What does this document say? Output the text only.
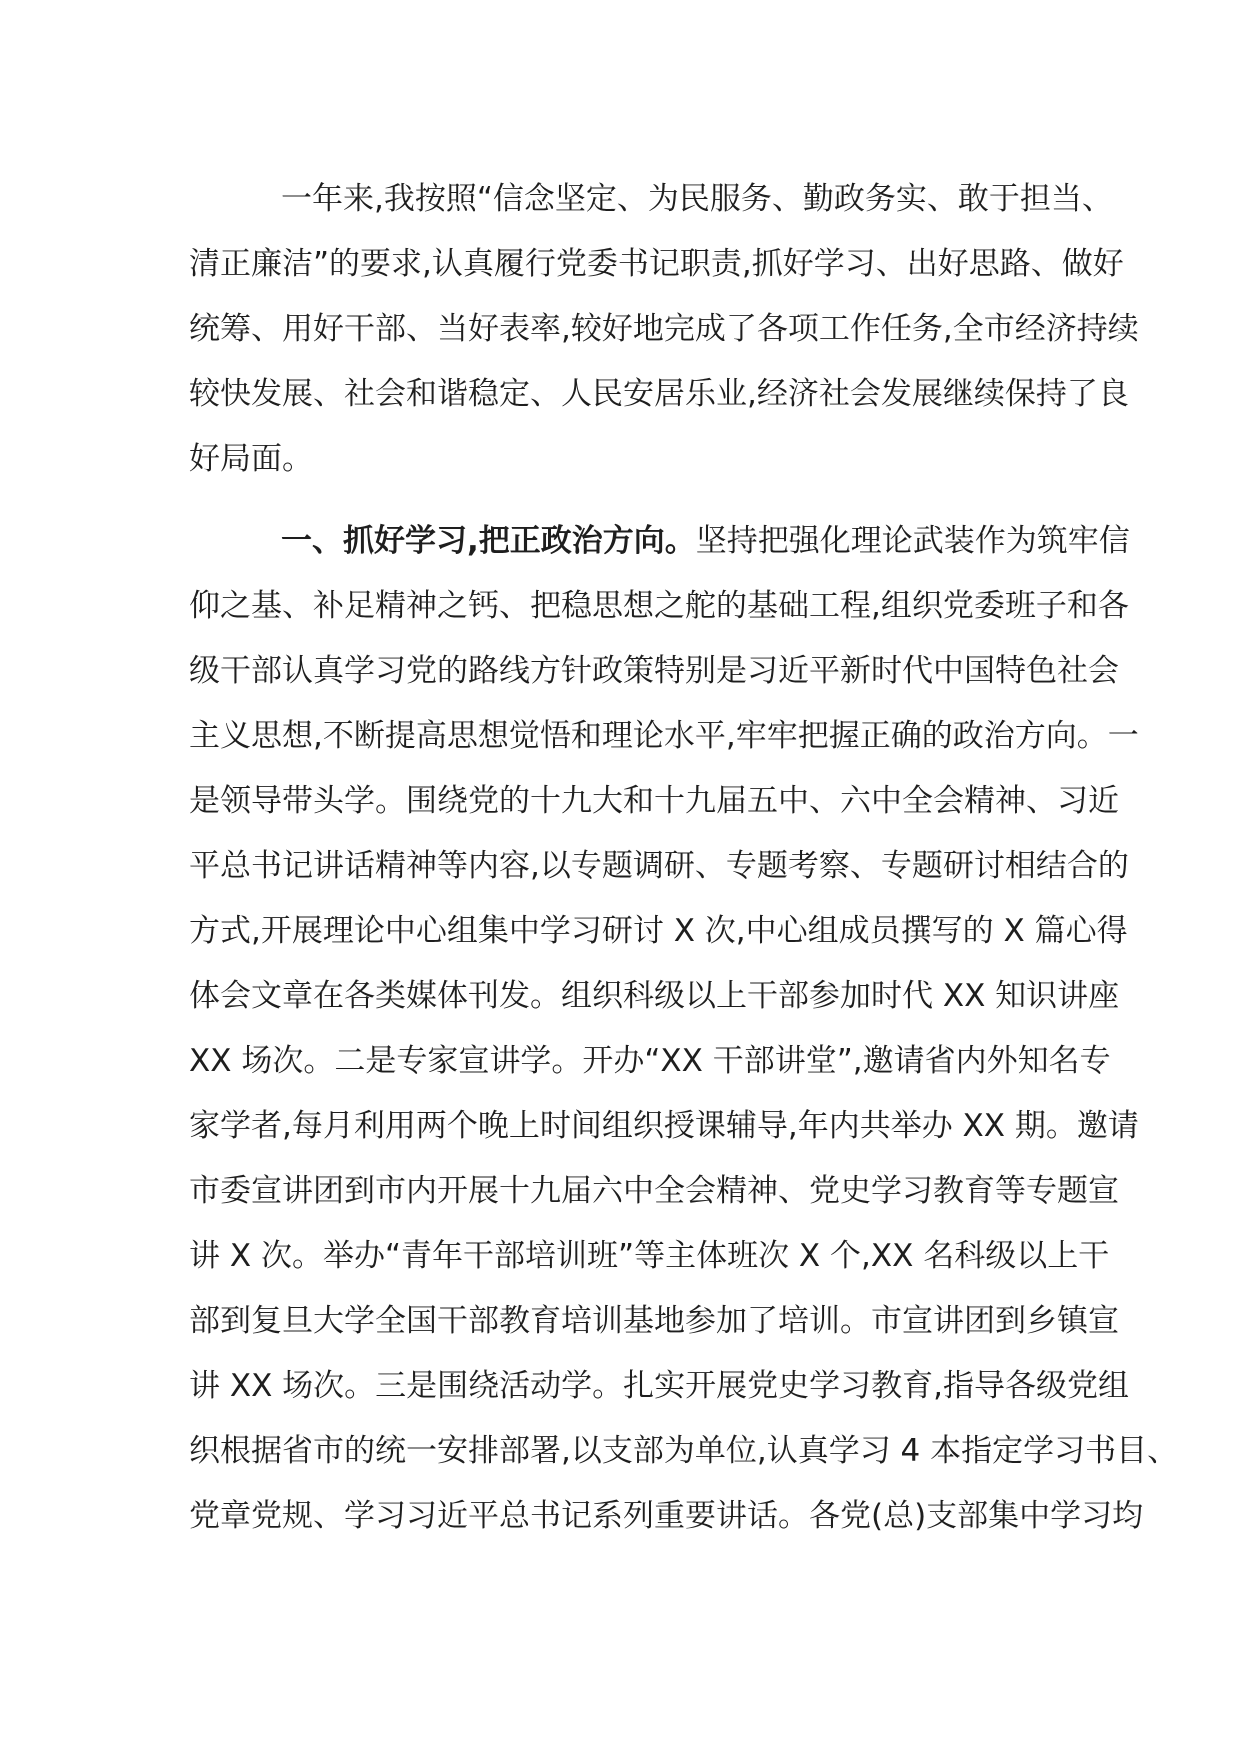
一年来,我按照“信念坚定、为民服务、勤政务实、敢于担当、
清正廉洁”的要求,认真履行党委书记职责,抓好学习、出好思路、做好
统筹、用好干部、当好表率,较好地完成了各项工作任务,全市经济持续
较快发展、社会和谐稳定、人民安居乐业,经济社会发展继续保持了良
好局面。
一、抓好学习,把正政治方向。坚持把强化理论武装作为筑牢信
仰之基、补足精神之钙、把稳思想之舵的基础工程,组织党委班子和各
级干部认真学习党的路线方针政策特别是习近平新时代中国特色社会
主义思想,不断提高思想觉悟和理论水平,牢牢把握正确的政治方向。一
是领导带头学。围绕党的十九大和十九届五中、六中全会精神、习近
平总书记讲话精神等内容,以专题调研、专题考察、专题研讨相结合的
方式,开展理论中心组集中学习研讨 X 次,中心组成员撰写的 X 篇心得
体会文章在各类媒体刊发。组织科级以上干部参加时代 XX 知识讲座
XX 场次。二是专家宣讲学。开办“XX 干部讲堂”,邀请省内外知名专
家学者,每月利用两个晚上时间组织授课辅导,年内共举办 XX 期。邀请
市委宣讲团到市内开展十九届六中全会精神、党史学习教育等专题宣
讲 X 次。举办“青年干部培训班”等主体班次 X 个,XX 名科级以上干
部到复旦大学全国干部教育培训基地参加了培训。市宣讲团到乡镇宣
讲 XX 场次。三是围绕活动学。扎实开展党史学习教育,指导各级党组
织根据省市的统一安排部署,以支部为单位,认真学习 4 本指定学习书目、
党章党规、学习习近平总书记系列重要讲话。各党(总)支部集中学习均
